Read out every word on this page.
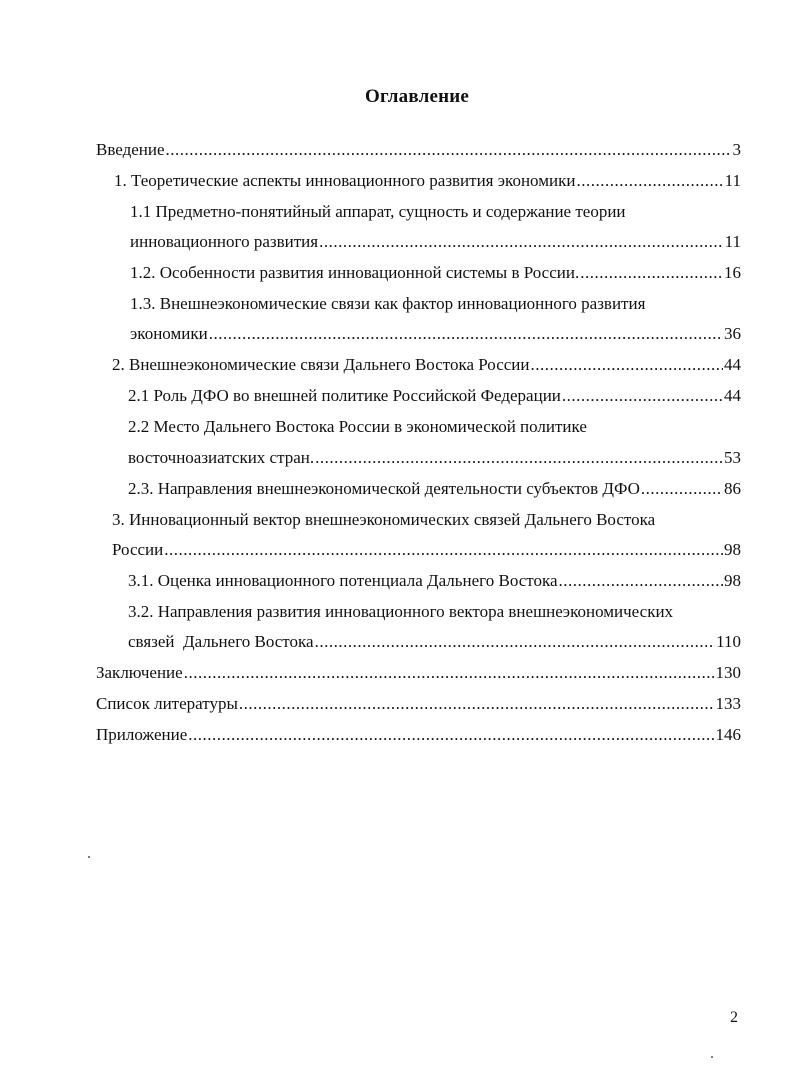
Оглавление
Введение .....	3
1. Теоретические аспекты инновационного развития экономики .....	11
1.1 Предметно-понятийный аппарат, сущность и содержание теории
инновационного развития .....	11
1.2. Особенности развития инновационной системы в России. .....	16
1.3. Внешнеэкономические связи как фактор инновационного развития
экономики .....	36
2. Внешнеэкономические связи Дальнего Востока России .....	44
2.1 Роль ДФО во внешней политике Российской Федерации .....	44
2.2 Место Дальнего Востока России в экономической политике
восточноазиатских стран. .....	53
2.3. Направления внешнеэкономической деятельности субъектов ДФО .....	86
3. Инновационный вектор внешнеэкономических связей Дальнего Востока
России .....	98
3.1. Оценка инновационного потенциала Дальнего Востока .....	98
3.2. Направления развития инновационного вектора внешнеэкономических
связей  Дальнего Востока .....	110
Заключение .....	130
Список литературы .....	133
Приложение .....	146
2
